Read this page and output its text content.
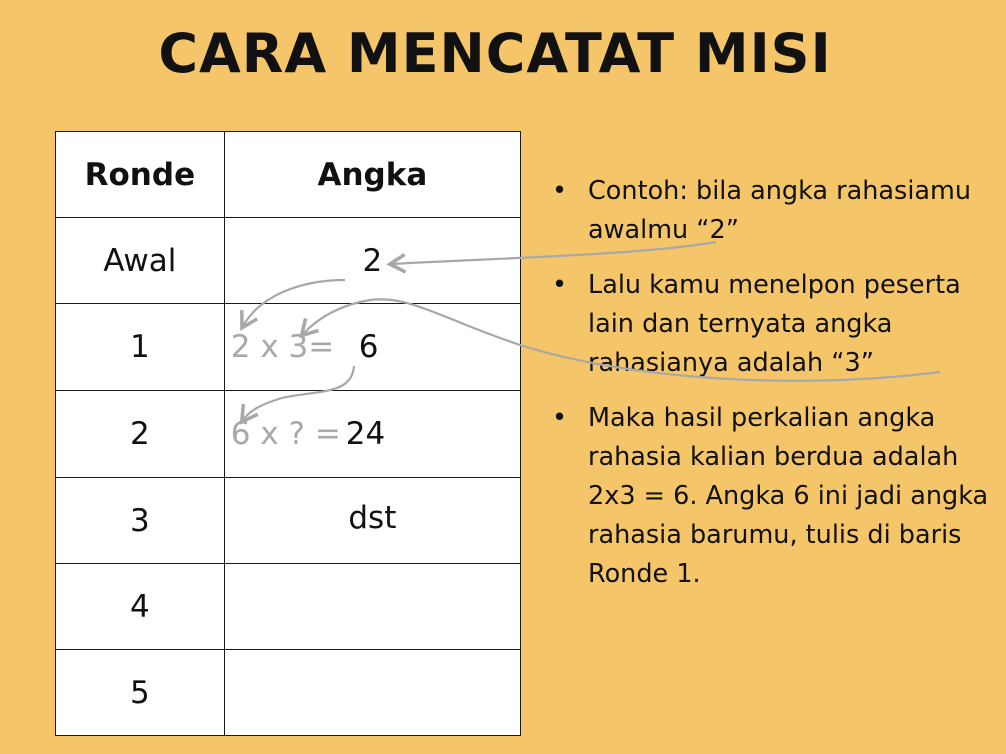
CARA MENCATAT MISI
Ronde	Angka
Awal	2
1	2 x 3= 6

2	6 x ? = 24

3	dst
4	
5	
• Contoh: bila angka rahasiamu awalmu “2”
• Lalu kamu menelpon peserta lain dan ternyata angka rahasianya adalah “3”
• Maka hasil perkalian angka rahasia kalian berdua adalah 2x3 = 6. Angka 6 ini jadi angka rahasia barumu, tulis di baris Ronde 1.
